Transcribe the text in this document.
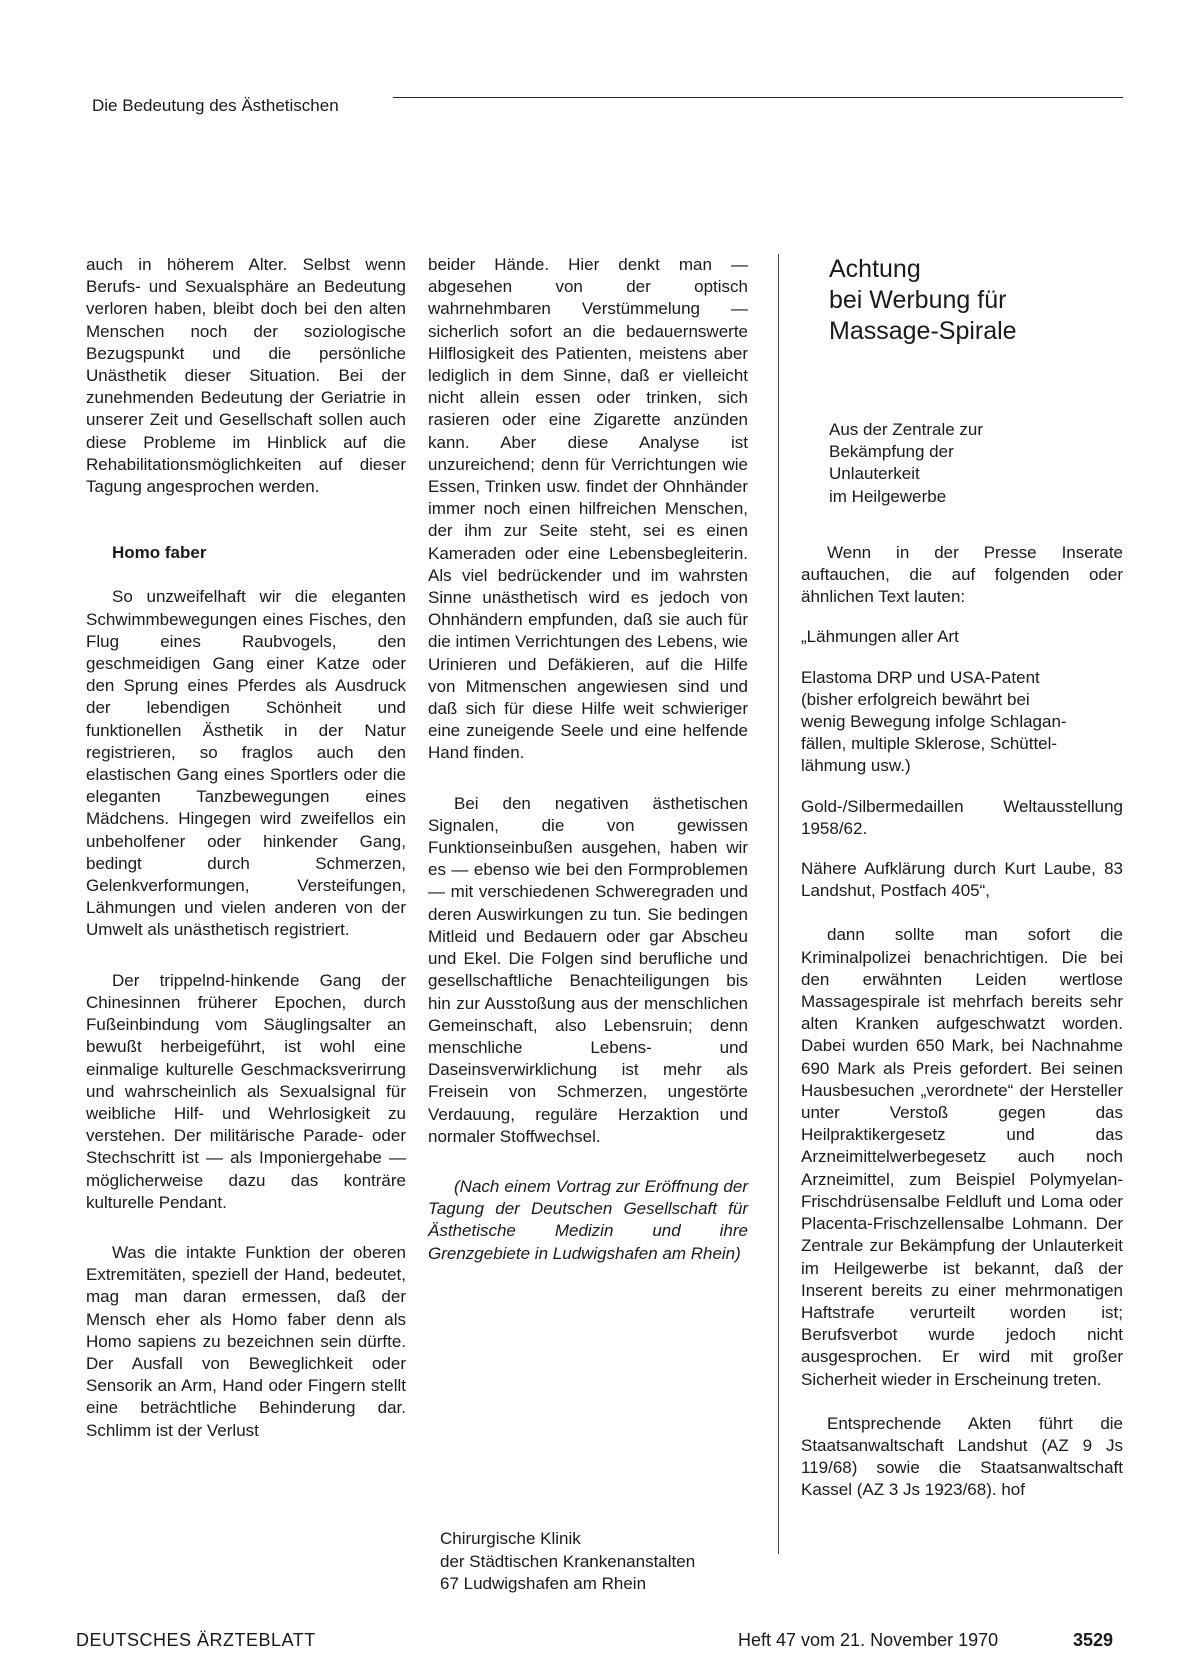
Die Bedeutung des Ästhetischen

auch in höherem Alter. Selbst wenn Berufs- und Sexualsphäre an Bedeutung verloren haben, bleibt doch bei den alten Menschen noch der soziologische Bezugspunkt und die persönliche Unästhetik dieser Situation. Bei der zunehmenden Bedeutung der Geriatrie in unserer Zeit und Gesellschaft sollen auch diese Probleme im Hinblick auf die Rehabilitationsmöglichkeiten auf dieser Tagung angesprochen werden.

Homo faber

So unzweifelhaft wir die eleganten Schwimmbewegungen eines Fisches, den Flug eines Raubvogels, den geschmeidigen Gang einer Katze oder den Sprung eines Pferdes als Ausdruck der lebendigen Schönheit und funktionellen Ästhetik in der Natur registrieren, so fraglos auch den elastischen Gang eines Sportlers oder die eleganten Tanzbewegungen eines Mädchens. Hingegen wird zweifellos ein unbeholfener oder hinkender Gang, bedingt durch Schmerzen, Gelenkverformungen, Versteifungen, Lähmungen und vielen anderen von der Umwelt als unästhetisch registriert.

Der trippelnd-hinkende Gang der Chinesinnen früherer Epochen, durch Fußeinbindung vom Säuglingsalter an bewußt herbeigeführt, ist wohl eine einmalige kulturelle Geschmacksverirrung und wahrscheinlich als Sexualsignal für weibliche Hilf- und Wehrlosigkeit zu verstehen. Der militärische Parade- oder Stechschritt ist — als Imponiergehabe — möglicherweise dazu das konträre kulturelle Pendant.

Was die intakte Funktion der oberen Extremitäten, speziell der Hand, bedeutet, mag man daran ermessen, daß der Mensch eher als Homo faber denn als Homo sapiens zu bezeichnen sein dürfte. Der Ausfall von Beweglichkeit oder Sensorik an Arm, Hand oder Fingern stellt eine beträchtliche Behinderung dar. Schlimm ist der Verlust

beider Hände. Hier denkt man — abgesehen von der optisch wahrnehmbaren Verstümmelung — sicherlich sofort an die bedauernswerte Hilflosigkeit des Patienten, meistens aber lediglich in dem Sinne, daß er vielleicht nicht allein essen oder trinken, sich rasieren oder eine Zigarette anzünden kann. Aber diese Analyse ist unzureichend; denn für Verrichtungen wie Essen, Trinken usw. findet der Ohnhänder immer noch einen hilfreichen Menschen, der ihm zur Seite steht, sei es einen Kameraden oder eine Lebensbegleiterin. Als viel bedrückender und im wahrsten Sinne unästhetisch wird es jedoch von Ohnhändern empfunden, daß sie auch für die intimen Verrichtungen des Lebens, wie Urinieren und Defäkieren, auf die Hilfe von Mitmenschen angewiesen sind und daß sich für diese Hilfe weit schwieriger eine zuneigende Seele und eine helfende Hand finden.

Bei den negativen ästhetischen Signalen, die von gewissen Funktionseinbußen ausgehen, haben wir es — ebenso wie bei den Formproblemen — mit verschiedenen Schweregraden und deren Auswirkungen zu tun. Sie bedingen Mitleid und Bedauern oder gar Abscheu und Ekel. Die Folgen sind berufliche und gesellschaftliche Benachteiligungen bis hin zur Ausstoßung aus der menschlichen Gemeinschaft, also Lebensruin; denn menschliche Lebens- und Daseinsverwirklichung ist mehr als Freisein von Schmerzen, ungestörte Verdauung, reguläre Herzaktion und normaler Stoffwechsel.

(Nach einem Vortrag zur Eröffnung der Tagung der Deutschen Gesellschaft für Ästhetische Medizin und ihre Grenzgebiete in Ludwigshafen am Rhein)

Chirurgische Klinik
der Städtischen Krankenanstalten
67 Ludwigshafen am Rhein
Achtung
bei Werbung für
Massage-Spirale
Aus der Zentrale zur
Bekämpfung der
Unlauterkeit
im Heilgewerbe

Wenn in der Presse Inserate auftauchen, die auf folgenden oder ähnlichen Text lauten:

„Lähmungen aller Art

Elastoma DRP und USA-Patent
(bisher erfolgreich bewährt bei
wenig Bewegung infolge Schlagan-
fällen, multiple Sklerose, Schüttel-
lähmung usw.)

Gold-/Silbermedaillen Weltausstellung 1958/62.

Nähere Aufklärung durch Kurt Laube, 83 Landshut, Postfach 405“,

dann sollte man sofort die Kriminalpolizei benachrichtigen. Die bei den erwähnten Leiden wertlose Massagespirale ist mehrfach bereits sehr alten Kranken aufgeschwatzt worden. Dabei wurden 650 Mark, bei Nachnahme 690 Mark als Preis gefordert. Bei seinen Hausbesuchen „verordnete“ der Hersteller unter Verstoß gegen das Heilpraktikergesetz und das Arzneimittelwerbegesetz auch noch Arzneimittel, zum Beispiel Polymyelan-Frischdrüsensalbe Feldluft und Loma oder Placenta-Frischzellensalbe Lohmann. Der Zentrale zur Bekämpfung der Unlauterkeit im Heilgewerbe ist bekannt, daß der Inserent bereits zu einer mehrmonatigen Haftstrafe verurteilt worden ist; Berufsverbot wurde jedoch nicht ausgesprochen. Er wird mit großer Sicherheit wieder in Erscheinung treten.

Entsprechende Akten führt die Staatsanwaltschaft Landshut (AZ 9 Js 119/68) sowie die Staatsanwaltschaft Kassel (AZ 3 Js 1923/68). hof

DEUTSCHES ÄRZTEBLATT	Heft 47 vom 21. November 1970	3529
